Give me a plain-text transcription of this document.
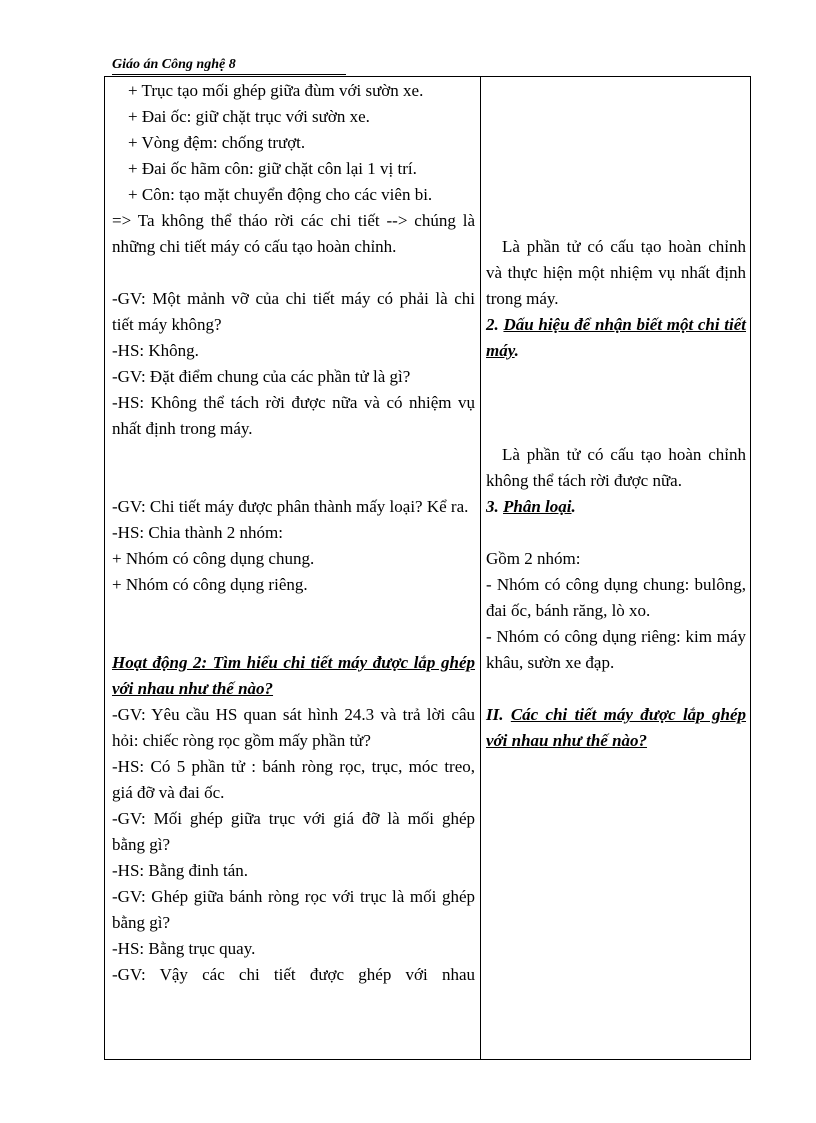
Giáo án Công nghệ 8

+ Trục tạo mối ghép giữa đùm với sườn xe.

+ Đai ốc: giữ chặt trục với sườn xe.

+ Vòng đệm: chống trượt.

+ Đai ốc hãm côn: giữ chặt côn lại 1 vị trí.

+ Côn: tạo mặt chuyển động cho các viên bi.

=> Ta không thể tháo rời các chi tiết --> chúng là những chi tiết máy có cấu tạo hoàn chỉnh.

-GV: Một mảnh vỡ của chi tiết máy có phải là chi tiết máy không?

-HS: Không.

-GV: Đặt điểm chung của các phần tử là gì?

-HS: Không thể tách rời được nữa và có nhiệm vụ nhất định trong máy.

-GV: Chi tiết máy được phân thành mấy loại? Kể ra.

-HS: Chia thành 2 nhóm:

+ Nhóm có công dụng chung.

+ Nhóm có công dụng riêng.

Hoạt động 2: Tìm hiểu chi tiết máy được lắp ghép với nhau như thế nào?

-GV: Yêu cầu HS quan sát hình 24.3 và trả lời câu hỏi: chiếc ròng rọc gồm mấy phần tử?

-HS: Có 5 phần tử : bánh ròng rọc, trục, móc treo, giá đỡ và đai ốc.

-GV: Mối ghép giữa trục với giá đỡ là mối ghép bằng gì?

-HS: Bằng đinh tán.

-GV: Ghép giữa bánh ròng rọc với trục là mối ghép bằng gì?

-HS: Bằng trục quay.

-GV: Vậy các chi tiết được ghép với nhau

Là phần tử có cấu tạo hoàn chỉnh và thực hiện một nhiệm vụ nhất định trong máy.

2. Dấu hiệu để nhận biết một chi tiết máy.

Là phần tử có cấu tạo hoàn chỉnh không thể tách rời được nữa.

3. Phân loại.

Gồm 2 nhóm:

- Nhóm có công dụng chung: bulông, đai ốc, bánh răng, lò xo.

- Nhóm có công dụng riêng: kim máy khâu, sườn xe đạp.

II. Các chi tiết máy được lắp ghép với nhau như thế nào?
